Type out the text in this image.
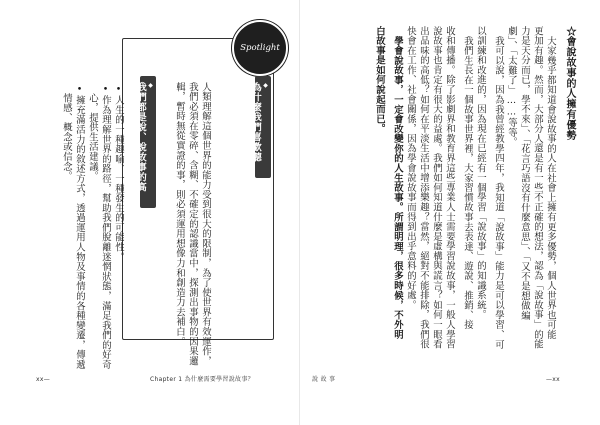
Spotlight
◆
為什麼我們喜歡聽故事？
人類理解這個世界的能力受到很大的限制，為了使世界有效運作，
我們必須在零碎、含糊、不確定的認識當中，探測出事物的因果邏
輯，暫時無從實證的事，則必須運用想像力和創造力去補白。
◆
我們都是說、說故事的高手：
•人生的一種趣喻、一種發生的可能性。
•作為理解世界的路徑，幫助我們脫離迷惘狀態，滿足我們的好奇
心，提供生活建議。
•擁充滿活力的敘述方式，透過運用人物及事情的各種變遷，傳遞
情感、概念或信念。
xx—	Chapter 1 為什麼需要學習說故事？
☆會說故事的人擁有優勢
大家幾乎都知道會說故事的人在社會上擁有更多優勢，個人世界也可能
更加有趣。然而，大部分人還是有一些不正確的想法，認為「說故事」的能
力是天分而已，學不來」、「花言巧語沒有什麼意思」、「又不是想做編
劇」、「太難了」……等等。
我可以說，因為我曾經教學四年，我知道「說故事」能力是可以學習、可
以訓練和改進的，因為現在已經有一個學習「說故事」的知識系統。
我們生長在一個故事世界裡，大家習慣故事去表達、遊說、推銷、接
收和傳播。除了影劇界和教育界這些專業人士需要學習說故事，一般人學習
說故事也肯定有很大的益處。我們如何知道什麼是虛構與謊言？如何一眼看
出品味的高低？如何在平淡生活中增添樂趣？當然，絕對不能排除，我們很
快會在工作、社會關係，因為學會說故事而得到出乎意料的好處。
學會說故事，一定會改變你的人生故事。所謂明理，很多時候，不外明
白故事是如何說起而已。
說 故 事	—xx
